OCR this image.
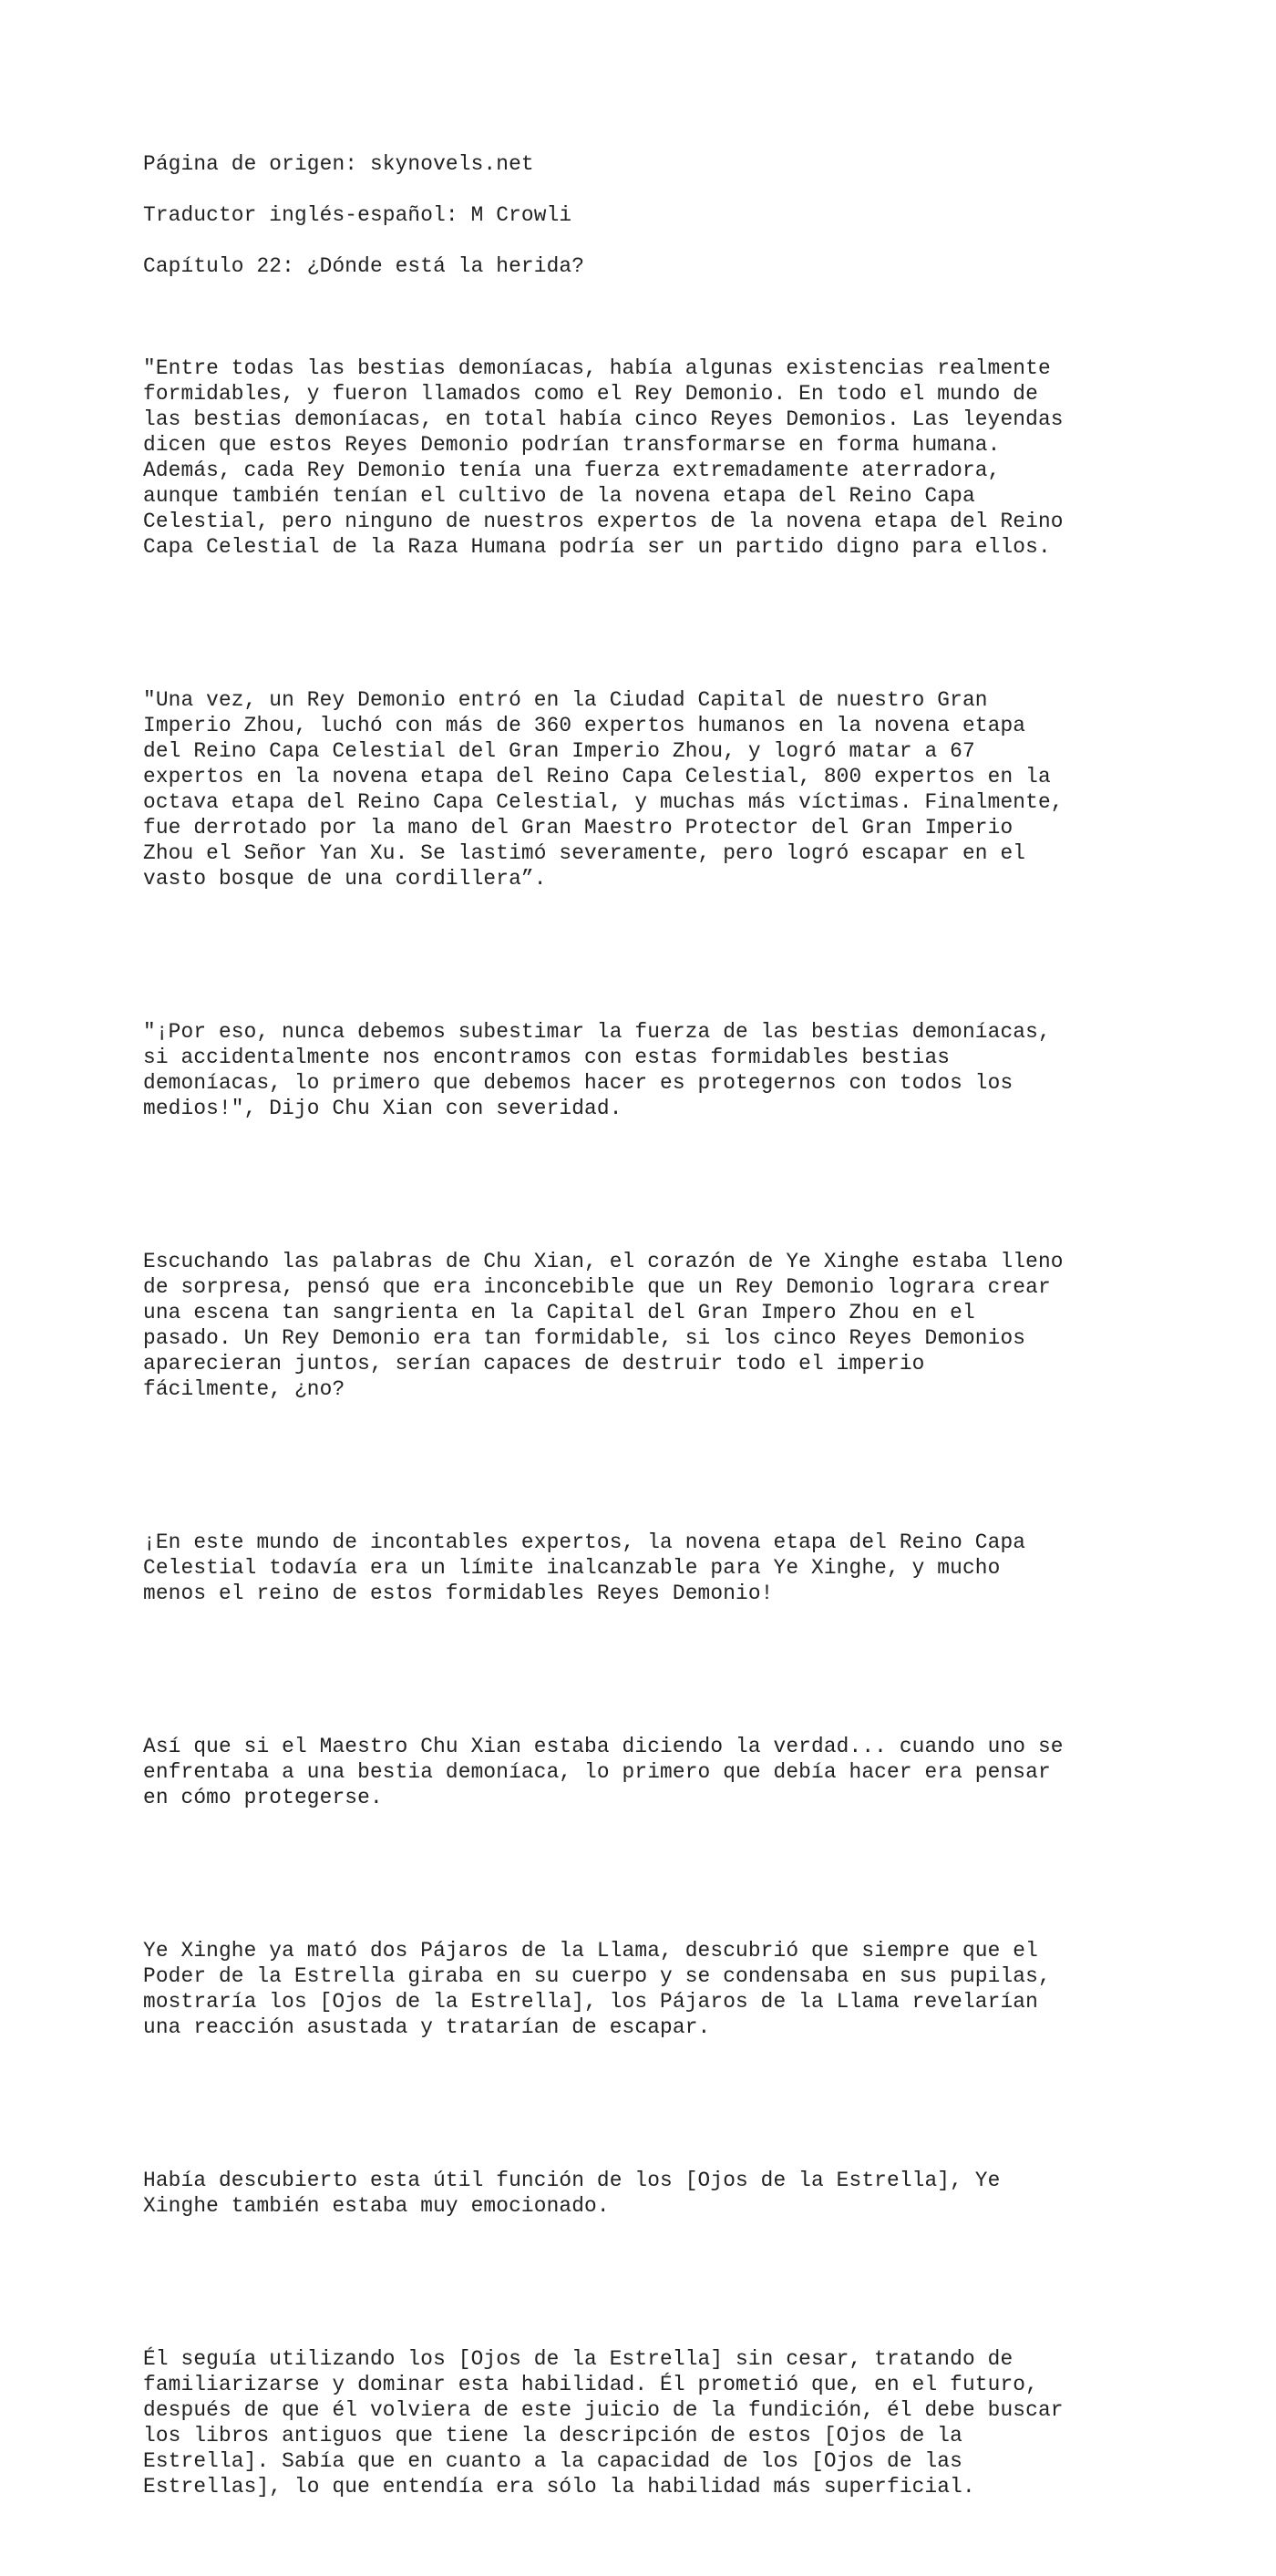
Página de origen: skynovels.net

Traductor inglés-español: M Crowli

Capítulo 22: ¿Dónde está la herida?

"Entre todas las bestias demoníacas, había algunas existencias realmente
formidables, y fueron llamados como el Rey Demonio. En todo el mundo de
las bestias demoníacas, en total había cinco Reyes Demonios. Las leyendas
dicen que estos Reyes Demonio podrían transformarse en forma humana.
Además, cada Rey Demonio tenía una fuerza extremadamente aterradora,
aunque también tenían el cultivo de la novena etapa del Reino Capa
Celestial, pero ninguno de nuestros expertos de la novena etapa del Reino
Capa Celestial de la Raza Humana podría ser un partido digno para ellos.

"Una vez, un Rey Demonio entró en la Ciudad Capital de nuestro Gran
Imperio Zhou, luchó con más de 360 expertos humanos en la novena etapa
del Reino Capa Celestial del Gran Imperio Zhou, y logró matar a 67
expertos en la novena etapa del Reino Capa Celestial, 800 expertos en la
octava etapa del Reino Capa Celestial, y muchas más víctimas. Finalmente,
fue derrotado por la mano del Gran Maestro Protector del Gran Imperio
Zhou el Señor Yan Xu. Se lastimó severamente, pero logró escapar en el
vasto bosque de una cordillera”.

"¡Por eso, nunca debemos subestimar la fuerza de las bestias demoníacas,
si accidentalmente nos encontramos con estas formidables bestias
demoníacas, lo primero que debemos hacer es protegernos con todos los
medios!", Dijo Chu Xian con severidad.

Escuchando las palabras de Chu Xian, el corazón de Ye Xinghe estaba lleno
de sorpresa, pensó que era inconcebible que un Rey Demonio lograra crear
una escena tan sangrienta en la Capital del Gran Impero Zhou en el
pasado. Un Rey Demonio era tan formidable, si los cinco Reyes Demonios
aparecieran juntos, serían capaces de destruir todo el imperio
fácilmente, ¿no?

¡En este mundo de incontables expertos, la novena etapa del Reino Capa
Celestial todavía era un límite inalcanzable para Ye Xinghe, y mucho
menos el reino de estos formidables Reyes Demonio!

Así que si el Maestro Chu Xian estaba diciendo la verdad... cuando uno se
enfrentaba a una bestia demoníaca, lo primero que debía hacer era pensar
en cómo protegerse.

Ye Xinghe ya mató dos Pájaros de la Llama, descubrió que siempre que el
Poder de la Estrella giraba en su cuerpo y se condensaba en sus pupilas,
mostraría los [Ojos de la Estrella], los Pájaros de la Llama revelarían
una reacción asustada y tratarían de escapar.

Había descubierto esta útil función de los [Ojos de la Estrella], Ye
Xinghe también estaba muy emocionado.

Él seguía utilizando los [Ojos de la Estrella] sin cesar, tratando de
familiarizarse y dominar esta habilidad. Él prometió que, en el futuro,
después de que él volviera de este juicio de la fundición, él debe buscar
los libros antiguos que tiene la descripción de estos [Ojos de la
Estrella]. Sabía que en cuanto a la capacidad de los [Ojos de las
Estrellas], lo que entendía era sólo la habilidad más superficial.
